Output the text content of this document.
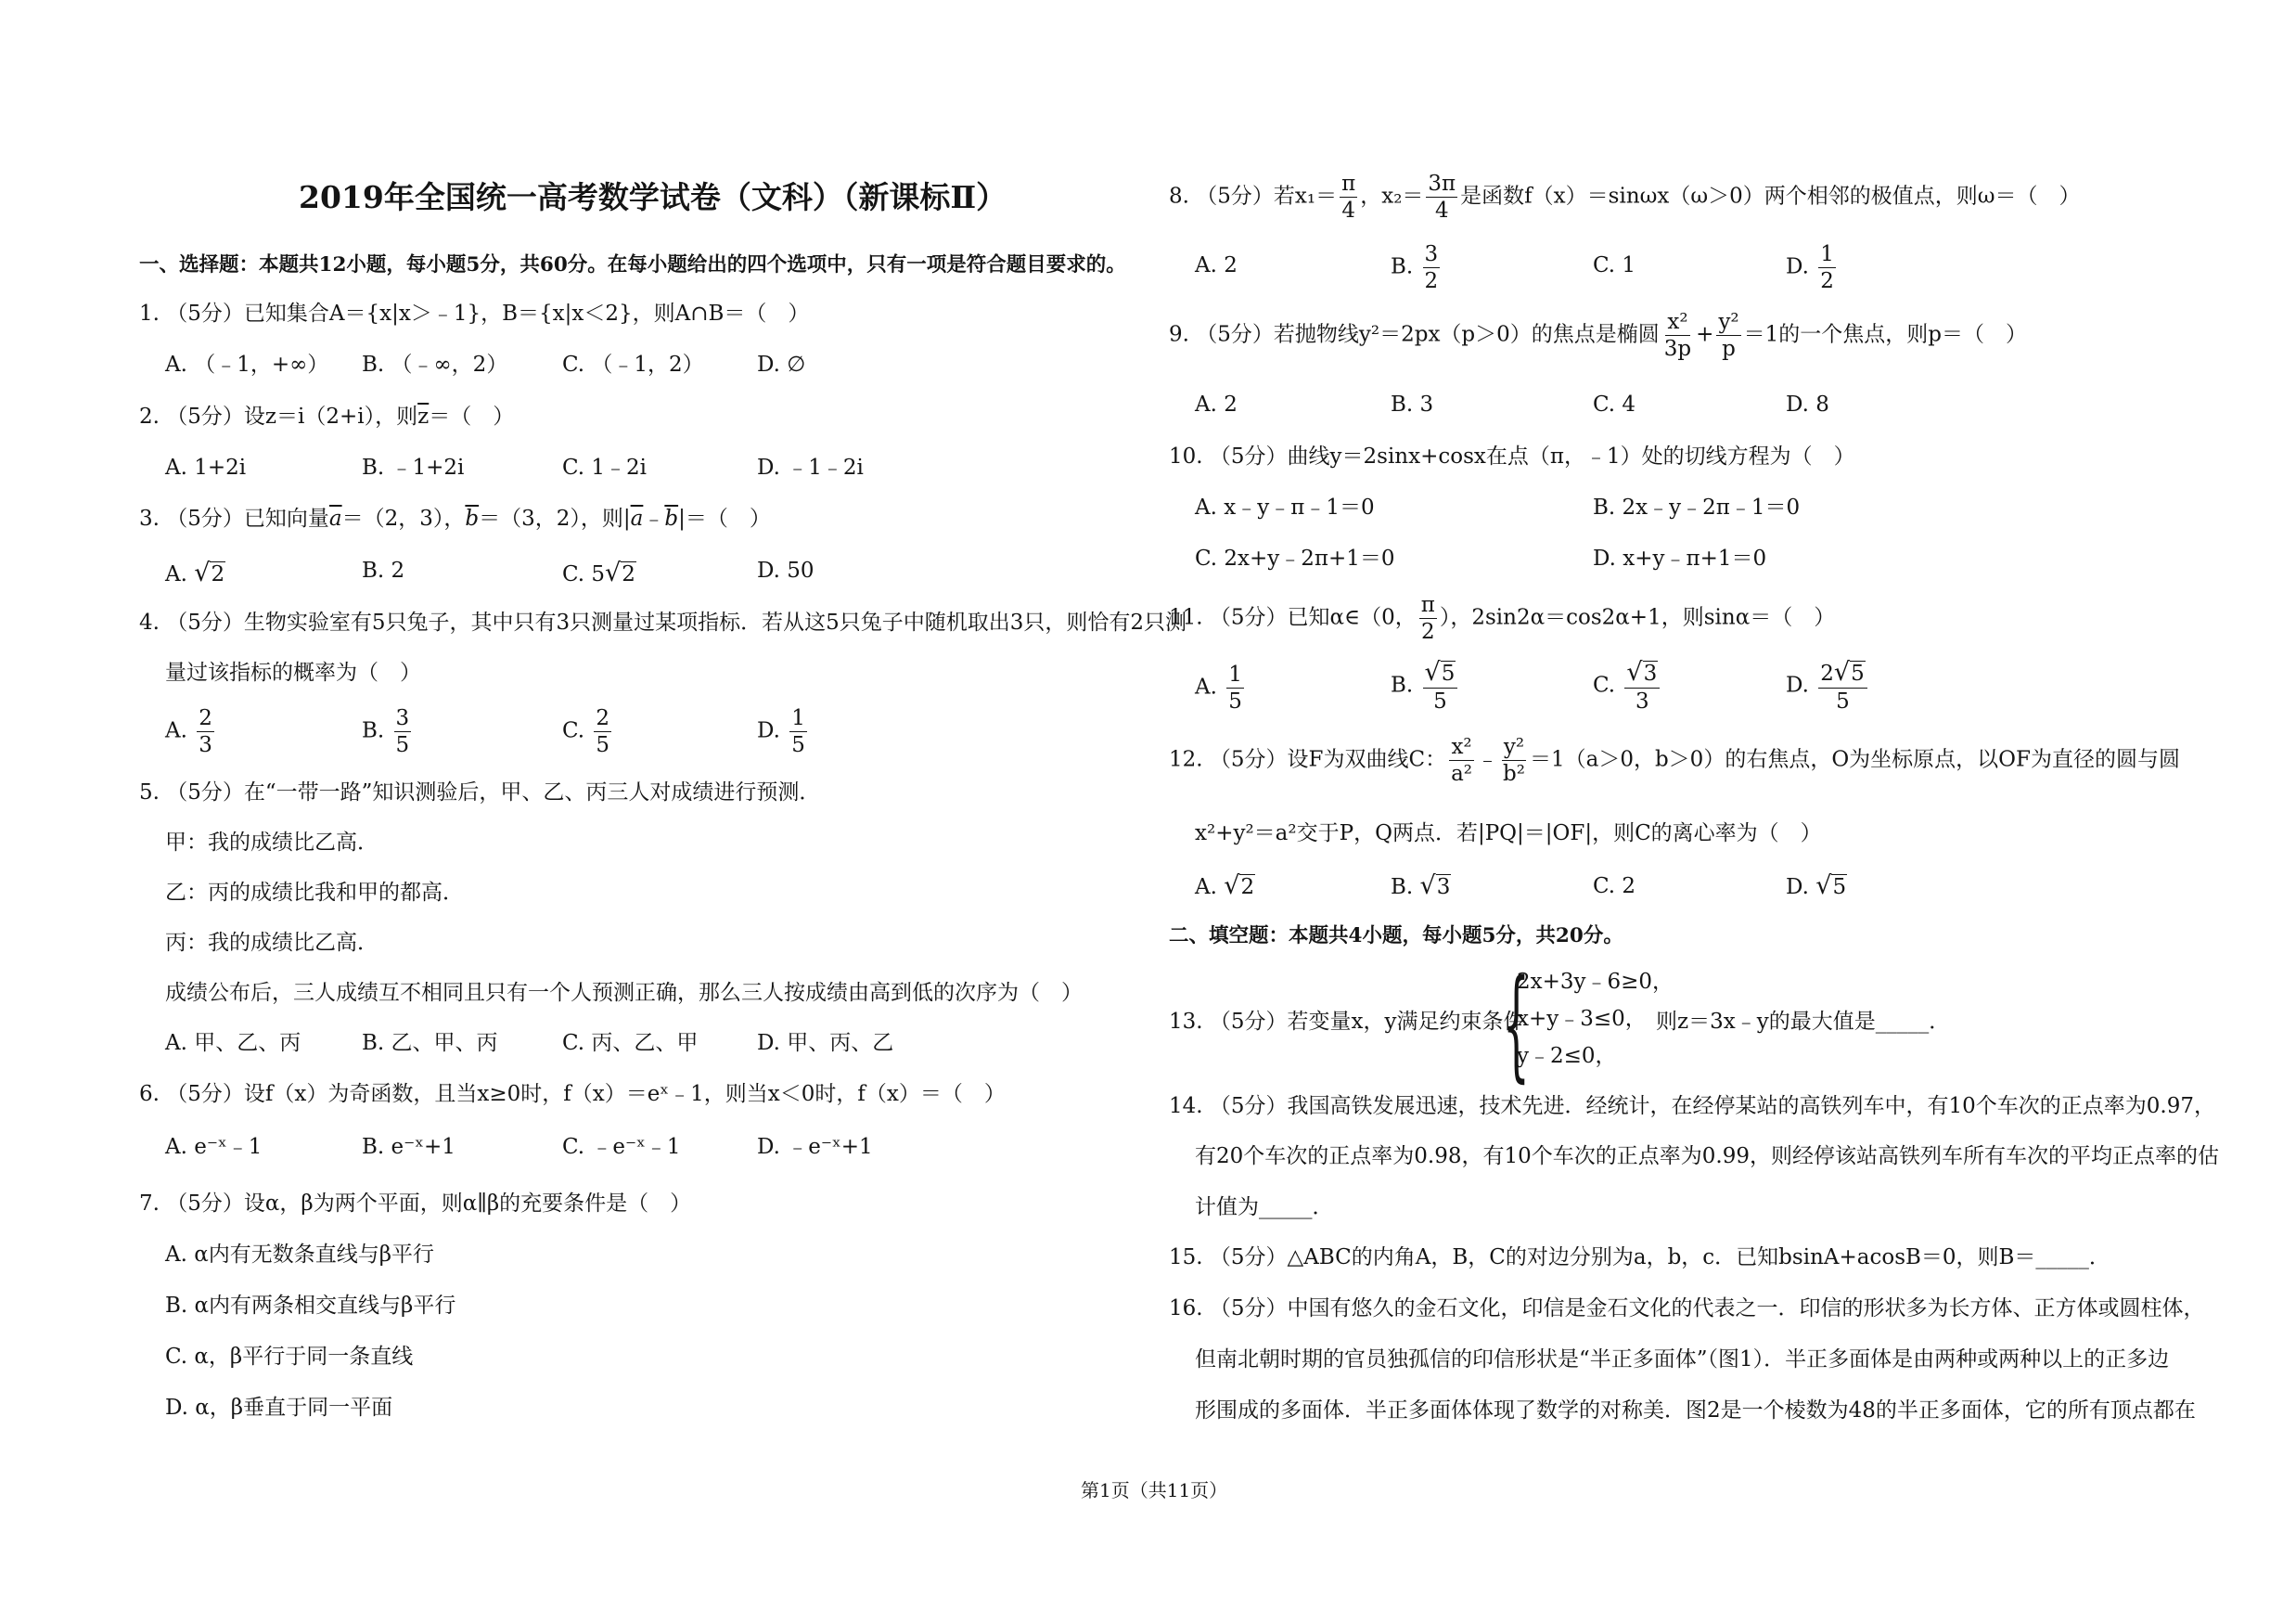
2019年全国统一高考数学试卷（文科）（新课标Ⅱ）
一、选择题：本题共12小题，每小题5分，共60分。在每小题给出的四个选项中，只有一项是符合题目要求的。
1. （5分）已知集合A＝{x|x＞﹣1}，B＝{x|x＜2}，则A∩B＝（　）
A. （﹣1，+∞） B. （﹣∞，2）	C. （﹣1，2） D. ∅
2. （5分）设z＝i（2+i），则$\overline{z}=$（　）
A. 1+2i	B. ﹣1+2i	C. 1﹣2i	D. ﹣1﹣2i
3. （5分）已知向量$\overline{a}=(2$，3），$\overline{b}=(3$，2），则$|\overline{a}﹣\overline{b}|=$（　）
A. √2	B. 2	C. 5√2	D. 50
4. （5分）生物实验室有5只兔子，其中只有3只测量过某项指标．若从这5只兔子中随机取出3只，则恰有2只测
量过该指标的概率为（　）
A. $\frac{2}{3}$	B. $\frac{3}{5}$	C. $\frac{2}{5}$	D. $\frac{1}{5}$
5. （5分）在“一带一路”知识测验后，甲、乙、丙三人对成绩进行预测．
甲：我的成绩比乙高．
乙：丙的成绩比我和甲的都高．
丙：我的成绩比乙高．
成绩公布后，三人成绩互不相同且只有一个人预测正确，那么三人按成绩由高到低的次序为（　）
A. 甲、乙、丙	B. 乙、甲、丙	C. 丙、乙、甲	D. 甲、丙、乙
6. （5分）设f（x）为奇函数，且当x≥0时，f（x）＝eˣ﹣1，则当x＜0时，f（x）＝（　）
A. e⁻ˣ﹣1	B. e⁻ˣ+1	C. ﹣e⁻ˣ﹣1	D. ﹣e⁻ˣ+1
7. （5分）设α，β为两个平面，则α∥β的充要条件是（　）
A. α内有无数条直线与β平行
B. α内有两条相交直线与β平行
C. α，β平行于同一条直线
D. α，β垂直于同一平面
8. （5分）若$x_1= \frac{\pi}{4}$ ，$x_2= \frac{3\pi}{4}$ 是函数f（x）＝sinωx（ω＞0）两个相邻的极值点，则ω＝（　）
A. 2	B. $\frac{3}{2}$	C. 1	D. $\frac{1}{2}$
9. （5分）若抛物线y²＝2px（p＞0）的焦点是椭圆 $\frac{\text{x²}}{3p} + \frac{\text{y²}}{p} =1$的一个焦点，则p＝（　）
A. 2	B. 3	C. 4	D. 8
10. （5分）曲线y＝2sinx+cosx在点（π，﹣1）处的切线方程为（　）
A. x﹣y﹣π﹣1＝0	B. 2x﹣y﹣2π﹣1＝0
C. 2x+y﹣2π+1＝0	D. x+y﹣π+1＝0
11. （5分）已知α∈（0， $\frac{\pi}{2}$ ），2sin2α＝cos2α+1，则sinα＝（　）
A. $\frac{1}{5}$	B. $\frac{√5}{5}$	C. $\frac{√3}{3}$	D. $\frac{2√5}{5}$
12. （5分）设F为双曲线C： $\frac{\text{x²}}{\text{a²}}$ ﹣ $\frac{\text{y²}}{\text{b²}} =1(a>0$，b＞0）的右焦点，O为坐标原点，以OF为直径的圆与圆
x²+y²＝a²交于P，Q两点．若|PQ|＝|OF|，则C的离心率为（　）
A. √2	B. √3	C. 2	D. √5
二、填空题：本题共4小题，每小题5分，共20分。
13. （5分）若变量x，y满足约束条件
{
2x+3y﹣6≥0，
x+y﹣3≤0，
y﹣2≤0，
则z＝3x﹣y的最大值是_____．
14. （5分）我国高铁发展迅速，技术先进．经统计，在经停某站的高铁列车中，有10个车次的正点率为0.97，
有20个车次的正点率为0.98，有10个车次的正点率为0.99，则经停该站高铁列车所有车次的平均正点率的估
计值为_____．
15. （5分）△ABC的内角A，B，C的对边分别为a，b，c．已知bsinA+acosB＝0，则B＝_____．
16. （5分）中国有悠久的金石文化，印信是金石文化的代表之一．印信的形状多为长方体、正方体或圆柱体，
但南北朝时期的官员独孤信的印信形状是“半正多面体”（图1）．半正多面体是由两种或两种以上的正多边
形围成的多面体．半正多面体体现了数学的对称美．图2是一个棱数为48的半正多面体，它的所有顶点都在
第1页（共11页）
